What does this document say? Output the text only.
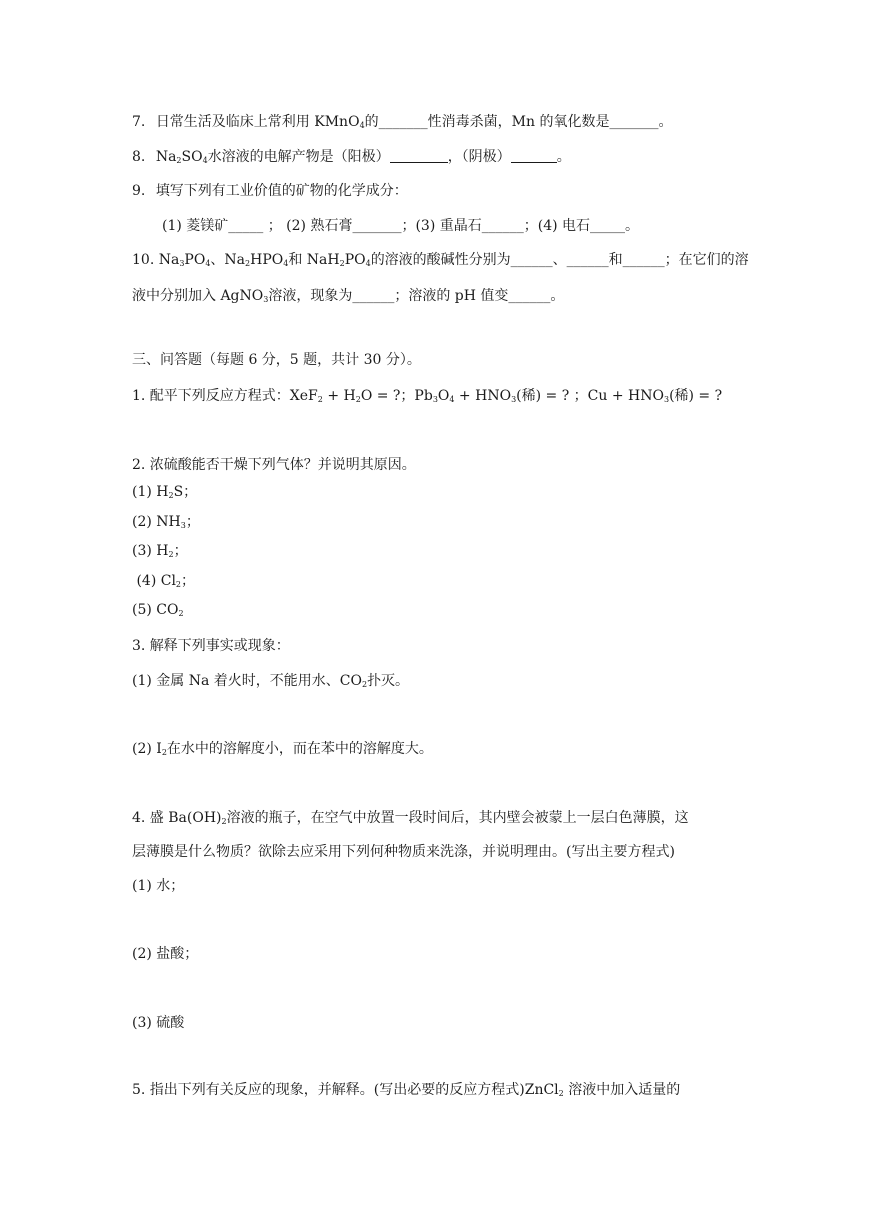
7. 日常生活及临床上常利用 KMnO$_4$的_______性消毒杀菌，Mn 的氧化数是_______。
8. $Na_2SO_4$水溶液的电解产物是（阳极）	，（阴极）	。
9. 填写下列有工业价值的矿物的化学成分：
(1) 菱镁矿_____ ； (2) 熟石膏_______；(3) 重晶石______；(4) 电石_____。
10. $Na_3PO_4$、$Na_2HPO_4$和 $NaH_2PO_4$的溶液的酸碱性分别为______、______和______；在它们的溶
液中分别加入 AgNO$_3$溶液，现象为______；溶液的 pH 值变______。
三、问答题（每题 6 分，5 题，共计 30 分）。
1. 配平下列反应方程式：$XeF_2 + H_2O$ = ?；$Pb_3O_4 + HNO_3$(稀) = ? ；$Cu + HNO_3$(稀) = ?
2. 浓硫酸能否干燥下列气体？并说明其原因。
(1) $H_2S$；
(2) $NH_3$；
(3) $H_2$；
(4) $Cl_2$；
(5) $CO_2$
3. 解释下列事实或现象：
(1) 金属 Na 着火时，不能用水、$CO_2$扑灭。
(2) $I_2$在水中的溶解度小，而在苯中的溶解度大。
4. 盛 $Ba(OH)_2$溶液的瓶子，在空气中放置一段时间后，其内壁会被蒙上一层白色薄膜，这
层薄膜是什么物质？欲除去应采用下列何种物质来洗涤，并说明理由。(写出主要方程式)
(1) 水；
(2) 盐酸；
(3) 硫酸
5. 指出下列有关反应的现象，并解释。(写出必要的反应方程式)ZnCl$_2$ 溶液中加入适量的
